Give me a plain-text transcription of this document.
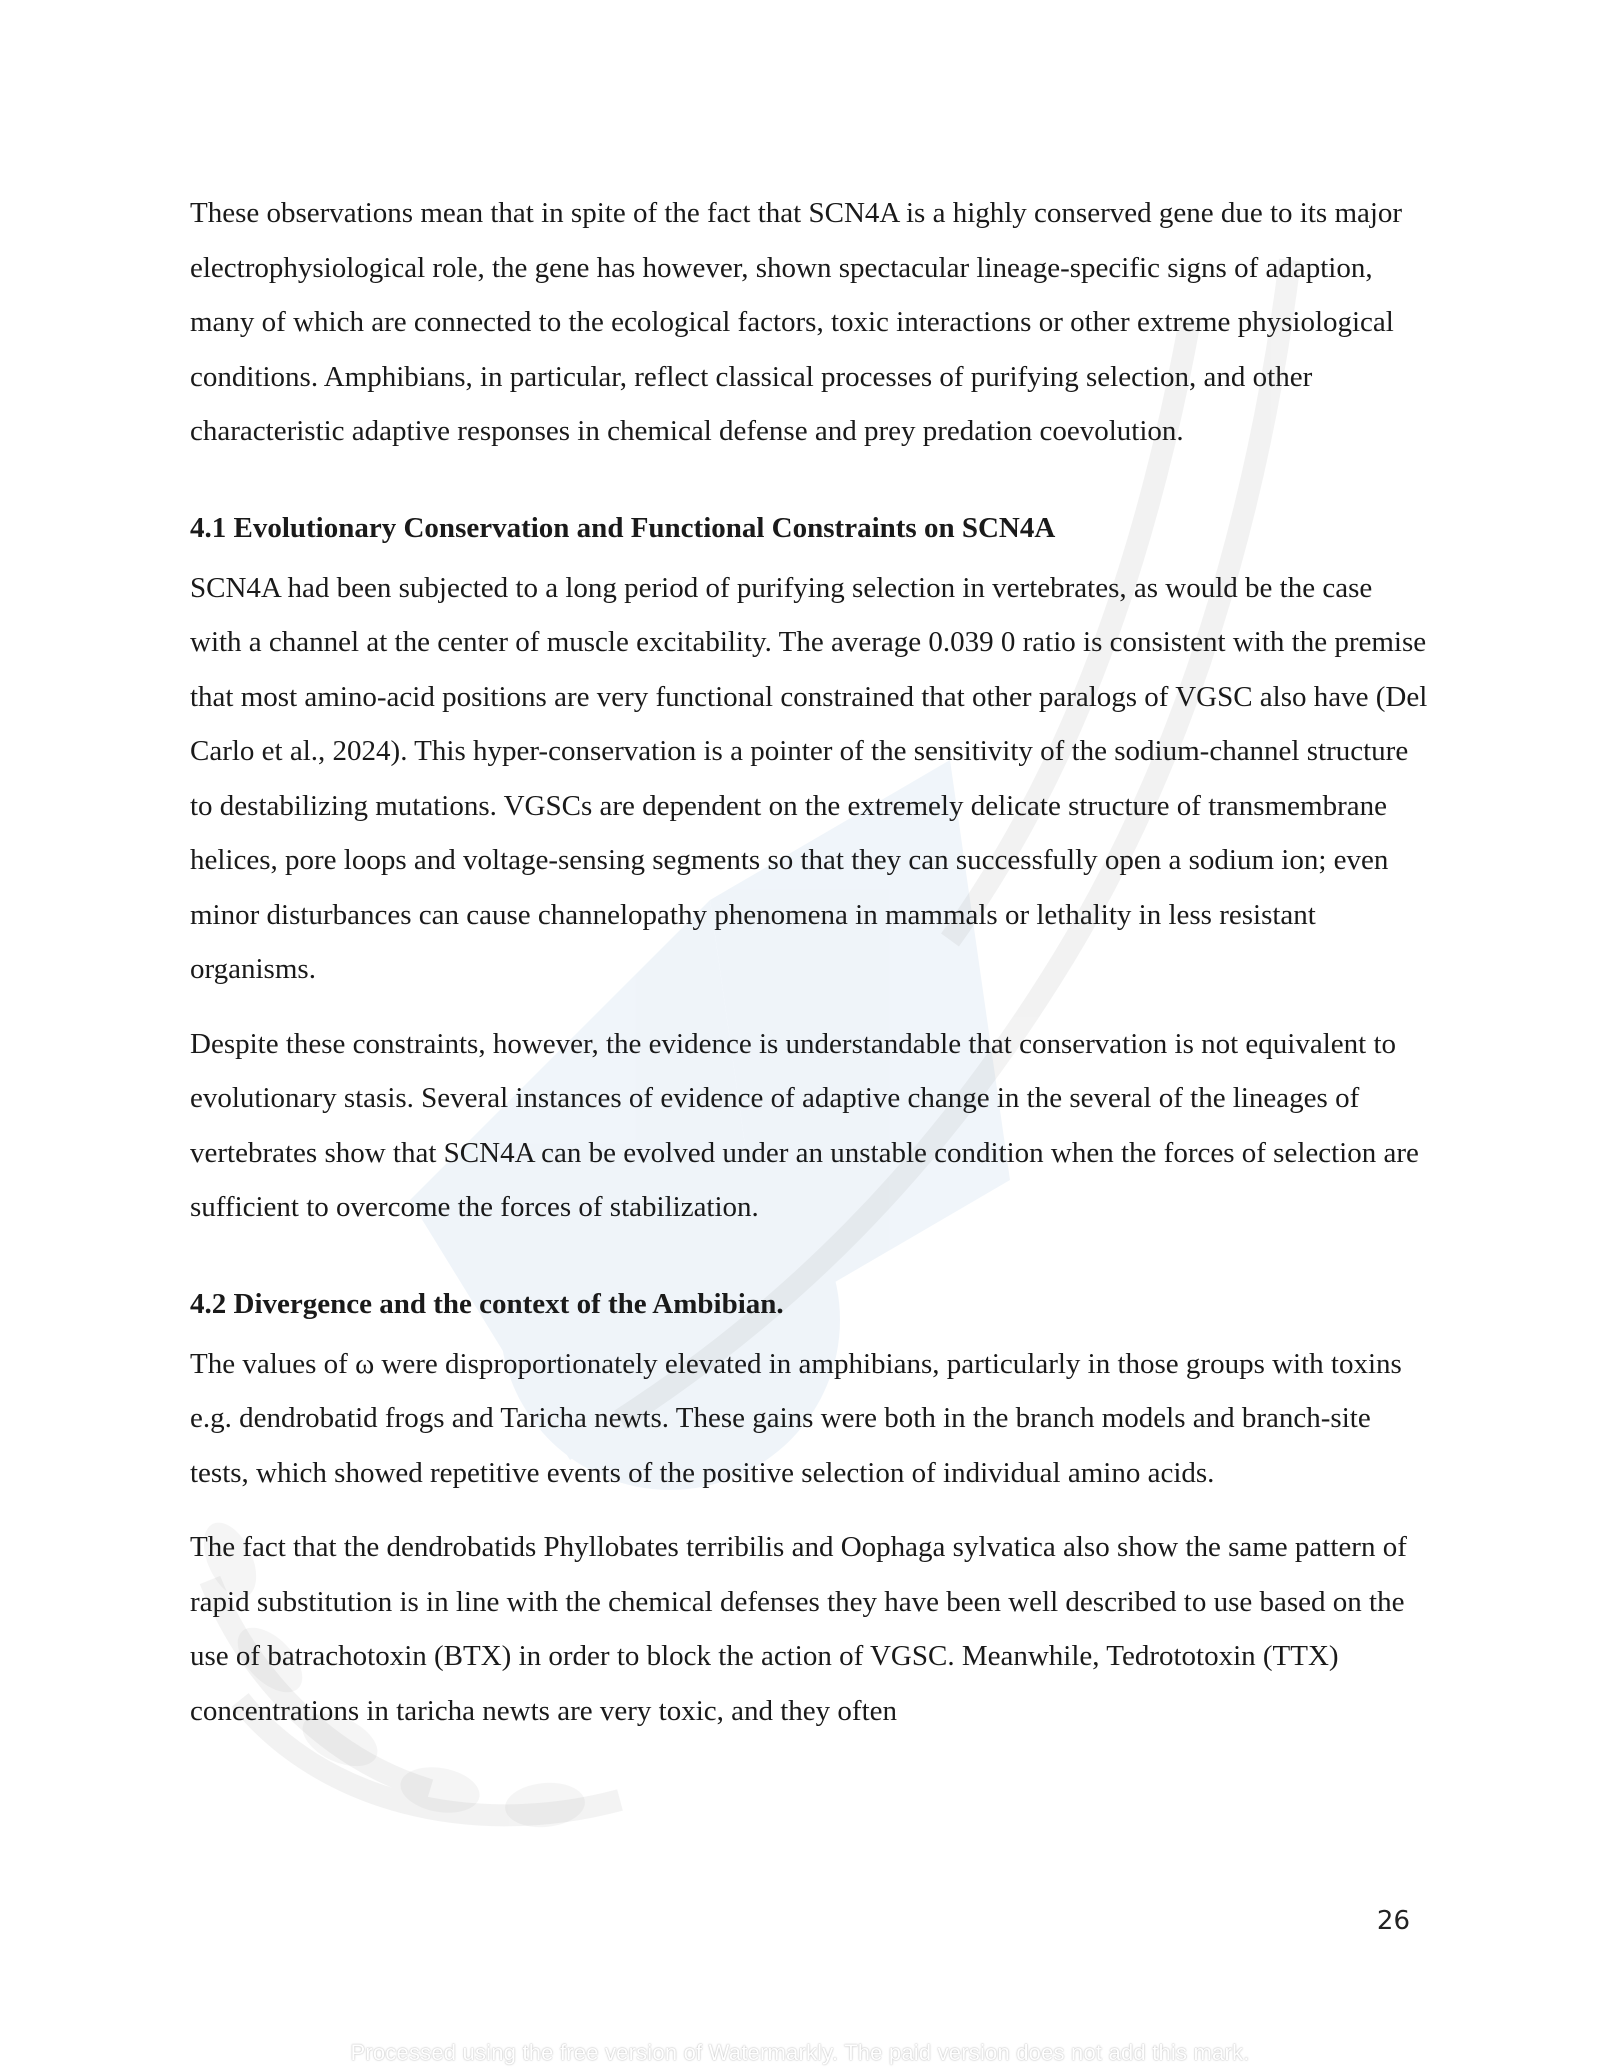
These observations mean that in spite of the fact that SCN4A is a highly conserved gene due to its major electrophysiological role, the gene has however, shown spectacular lineage-specific signs of adaption, many of which are connected to the ecological factors, toxic interactions or other extreme physiological conditions. Amphibians, in particular, reflect classical processes of purifying selection, and other characteristic adaptive responses in chemical defense and prey predation coevolution.

4.1 Evolutionary Conservation and Functional Constraints on SCN4A

SCN4A had been subjected to a long period of purifying selection in vertebrates, as would be the case with a channel at the center of muscle excitability. The average 0.039 0 ratio is consistent with the premise that most amino-acid positions are very functional constrained that other paralogs of VGSC also have (Del Carlo et al., 2024). This hyper-conservation is a pointer of the sensitivity of the sodium-channel structure to destabilizing mutations. VGSCs are dependent on the extremely delicate structure of transmembrane helices, pore loops and voltage-sensing segments so that they can successfully open a sodium ion; even minor disturbances can cause channelopathy phenomena in mammals or lethality in less resistant organisms.

Despite these constraints, however, the evidence is understandable that conservation is not equivalent to evolutionary stasis. Several instances of evidence of adaptive change in the several of the lineages of vertebrates show that SCN4A can be evolved under an unstable condition when the forces of selection are sufficient to overcome the forces of stabilization.

4.2 Divergence and the context of the Ambibian.

The values of ω were disproportionately elevated in amphibians, particularly in those groups with toxins e.g. dendrobatid frogs and Taricha newts. These gains were both in the branch models and branch-site tests, which showed repetitive events of the positive selection of individual amino acids.

The fact that the dendrobatids Phyllobates terribilis and Oophaga sylvatica also show the same pattern of rapid substitution is in line with the chemical defenses they have been well described to use based on the use of batrachotoxin (BTX) in order to block the action of VGSC. Meanwhile, Tedrototoxin (TTX) concentrations in taricha newts are very toxic, and they often

26
Processed using the free version of Watermarkly. The paid version does not add this mark.
